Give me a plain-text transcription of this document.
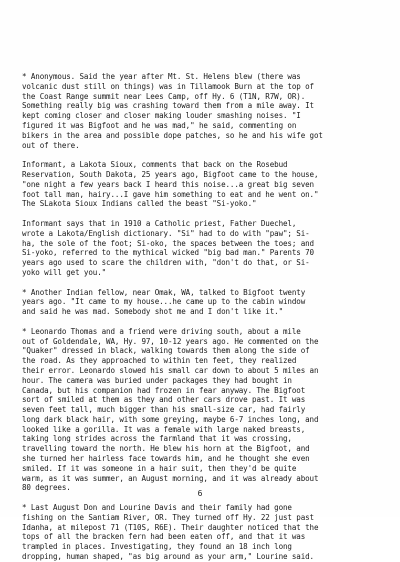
* Anonymous. Said the year after Mt. St. Helens blew (there was
volcanic dust still on things) was in Tillamook Burn at the top of
the Coast Range summit near Lees Camp, off Hy. 6 (T1N, R7W, OR).
Something really big was crashing toward them from a mile away. It
kept coming closer and closer making louder smashing noises. "I
figured it was Bigfoot and he was mad," he said, commenting on
bikers in the area and possible dope patches, so he and his wife got
out of there.

Informant, a Lakota Sioux, comments that back on the Rosebud
Reservation, South Dakota, 25 years ago, Bigfoot came to the house,
"one night a few years back I heard this noise...a great big seven
foot tall man, hairy...I gave him something to eat and he went on."
The SLakota Sioux Indians called the beast "Si-yoko."

Informant says that in 1910 a Catholic priest, Father Duechel,
wrote a Lakota/English dictionary. "Si" had to do with "paw"; Si-
ha, the sole of the foot; Si-oko, the spaces between the toes; and
Si-yoko, referred to the mythical wicked "big bad man." Parents 70
years ago used to scare the children with, "don't do that, or Si-
yoko will get you."

* Another Indian fellow, near Omak, WA, talked to Bigfoot twenty
years ago. "It came to my house...he came up to the cabin window
and said he was mad. Somebody shot me and I don't like it."

* Leonardo Thomas and a friend were driving south, about a mile
out of Goldendale, WA, Hy. 97, 10-12 years ago. He commented on the
"Quaker" dressed in black, walking towards them along the side of
the road. As they approached to within ten feet, they realized
their error. Leonardo slowed his small car down to about 5 miles an
hour. The camera was buried under packages they had bought in
Canada, but his companion had frozen in fear anyway. The Bigfoot
sort of smiled at them as they and other cars drove past. It was
seven feet tall, much bigger than his small-size car, had fairly
long dark black hair, with some greying, maybe 6-7 inches long, and
looked like a gorilla. It was a female with large naked breasts,
taking long strides across the farmland that it was crossing,
travelling toward the north. He blew his horn at the Bigfoot, and
she turned her hairless face towards him, and he thought she even
smiled. If it was someone in a hair suit, then they'd be quite
warm, as it was summer, an August morning, and it was already about
80 degrees.

* Last August Don and Lourine Davis and their family had gone
fishing on the Santiam River, OR. They turned off Hy. 22 just past
Idanha, at milepost 71 (T10S, R6E). Their daughter noticed that the
tops of all the bracken fern had been eaten off, and that it was
trampled in places. Investigating, they found an 18 inch long
dropping, human shaped, "as big around as your arm," Lourine said.

6
